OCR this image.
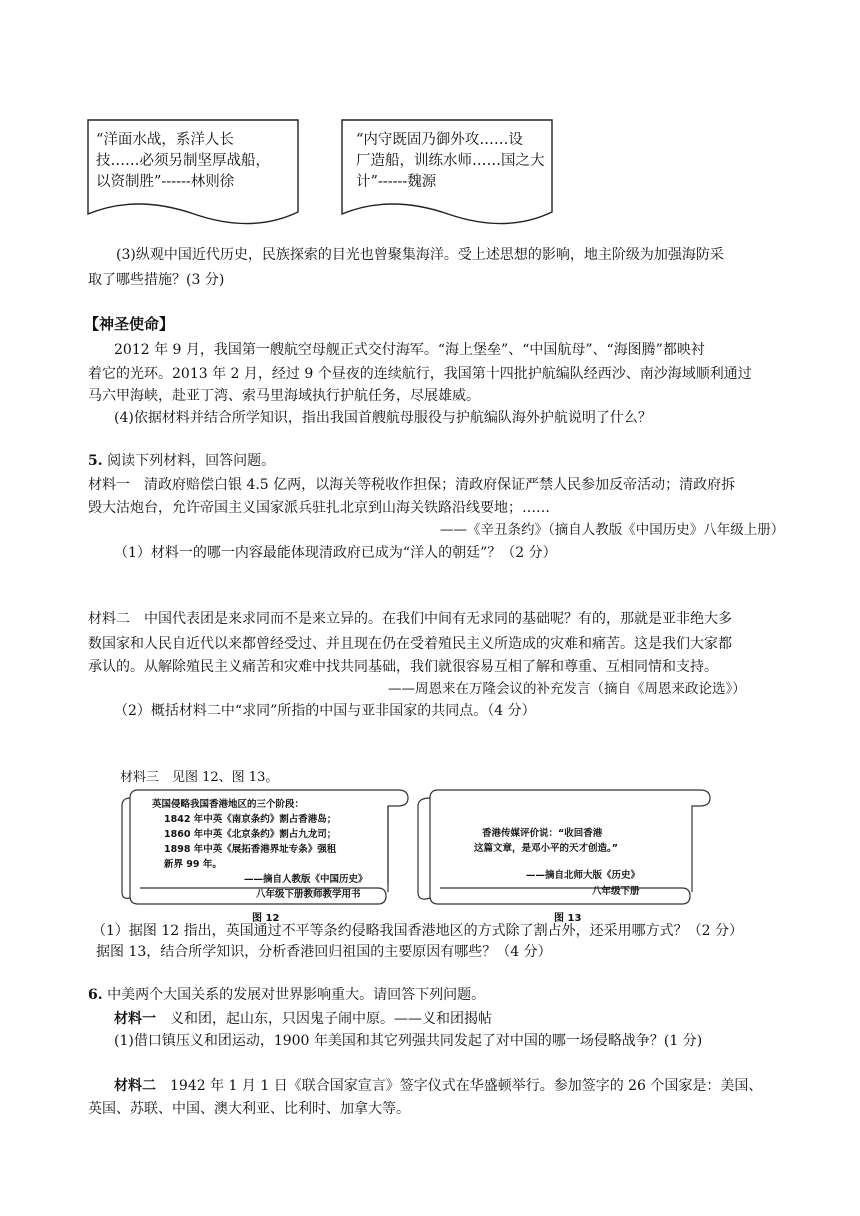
“洋面水战，系洋人长
技……必须另制坚厚战船，
以资制胜”------林则徐
“内守既固乃御外攻……设
厂造船，训练水师……国之大
计”------魏源
(3)纵观中国近代历史，民族探索的目光也曾聚集海洋。受上述思想的影响，地主阶级为加强海防采
取了哪些措施？(3 分)
【神圣使命】
2012 年 9 月，我国第一艘航空母舰正式交付海军。“海上堡垒”、“中国航母”、“海图腾”都映衬
着它的光环。2013 年 2 月，经过 9 个昼夜的连续航行，我国第十四批护航编队经西沙、南沙海域顺利通过
马六甲海峡，赴亚丁湾、索马里海域执行护航任务，尽展雄威。
(4)依据材料并结合所学知识，指出我国首艘航母服役与护航编队海外护航说明了什么？
5. 阅读下列材料，回答问题。
材料一　清政府赔偿白银 4.5 亿两，以海关等税收作担保；清政府保证严禁人民参加反帝活动；清政府拆
毁大沽炮台，允许帝国主义国家派兵驻扎北京到山海关铁路沿线要地；……
——《辛丑条约》（摘自人教版《中国历史》八年级上册）
（1）材料一的哪一内容最能体现清政府已成为“洋人的朝廷”？（2 分）
材料二　中国代表团是来求同而不是来立异的。在我们中间有无求同的基础呢？有的，那就是亚非绝大多
数国家和人民自近代以来都曾经受过、并且现在仍在受着殖民主义所造成的灾难和痛苦。这是我们大家都
承认的。从解除殖民主义痛苦和灾难中找共同基础，我们就很容易互相了解和尊重、互相同情和支持。
——周恩来在万隆会议的补充发言（摘自《周恩来政论选》）
（2）概括材料二中“求同”所指的中国与亚非国家的共同点。（4 分）
材料三　见图 12、图 13。
英国侵略我国香港地区的三个阶段：
1842 年中英《南京条约》割占香港岛；
1860 年中英《北京条约》割占九龙司；
1898 年中英《展拓香港界址专条》强租
新界 99 年。
——摘自人教版《中国历史》
八年级下册教师教学用书
图 12
香港传媒评价说：“收回香港
这篇文章，是邓小平的天才创造。”
——摘自北师大版《历史》
八年级下册
图 13
（1）据图 12 指出，英国通过不平等条约侵略我国香港地区的方式除了割占外，还采用哪方式？（2 分）
据图 13，结合所学知识，分析香港回归祖国的主要原因有哪些？（4 分）
6. 中美两个大国关系的发展对世界影响重大。请回答下列问题。
材料一　义和团，起山东，只因鬼子闹中原。——义和团揭帖
(1)借口镇压义和团运动，1900 年美国和其它列强共同发起了对中国的哪一场侵略战争？(1 分)
材料二　1942 年 1 月 1 日《联合国家宣言》签字仪式在华盛顿举行。参加签字的 26 个国家是：美国、
英国、苏联、中国、澳大利亚、比利时、加拿大等。
